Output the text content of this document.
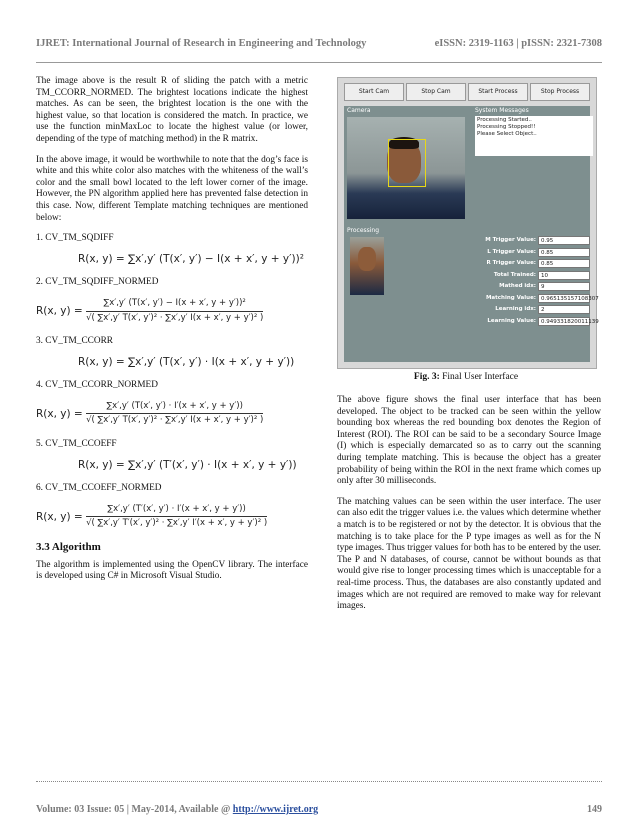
IJRET: International Journal of Research in Engineering and Technology	eISSN: 2319-1163 | pISSN: 2321-7308

The image above is the result R of sliding the patch with a metric TM_CCORR_NORMED. The brightest locations indicate the highest matches. As can be seen, the brightest location is the one with the highest value, so that location is considered the match. In practice, we use the function minMaxLoc to locate the highest value (or lower, depending of the type of matching method) in the R matrix.

In the above image, it would be worthwhile to note that the dog’s face is white and this white color also matches with the whiteness of the wall’s color and the small bowl located to the left lower corner of the image. However, the PN algorithm applied here has prevented false detection in this case. Now, different Template matching techniques are mentioned below:

1. CV_TM_SQDIFF

R(x, y) = ∑x′,y′ (T(x′, y′) − I(x + x′, y + y′))²

2. CV_TM_SQDIFF_NORMED

R(x, $y) = \frac{\text{∑x′,y′ (T(x′, y′) − I(x + x′, y + y′))²}}{\text{√( ∑x′,y′ T(x′, y′)² · ∑x′,y′ I(x + x′, y + y′)² )}}$

3. CV_TM_CCORR

R(x, y) = ∑x′,y′ (T(x′, y′) · I(x + x′, y + y′))

4. CV_TM_CCORR_NORMED

R(x, $y) = \frac{\sum x',y' (T(x', y') \cdot I'(x + x', y + y'))}{\text{√( ∑x′,y′ T(x′, y′)² · ∑x′,y′ I(x + x′, y + y′)² )}}$

5. CV_TM_CCOEFF

R(x, y) = ∑x′,y′ (T′(x′, y′) · I(x + x′, y + y′))

6. CV_TM_CCOEFF_NORMED

R(x, $y) = \frac{\sum x',y' (T'(x', y') \cdot I'(x + x', y + y'))}{\text{√( ∑x′,y′ T′(x′, y′)² · ∑x′,y′ I′(x + x′, y + y′)² )}}$
3.3 Algorithm

The algorithm is implemented using the OpenCV library. The interface is developed using C# in Microsoft Visual Studio.

Start Cam	Stop Cam	Start Process	Stop Process
Camera	System Messages
Processing Started..
Processing Stopped!!
Please Select Object..
Processing
M Trigger Value: 0.95
L Trigger Value: 0.85
R Trigger Value: 0.85
Total Trained: 10
Mathed idx: 9
Matching Value: 0.965135157108307
Learning idx: 2
Learning Value: 0.949331820011139
Fig. 3: Final User Interface

The above figure shows the final user interface that has been developed. The object to be tracked can be seen within the yellow bounding box whereas the red bounding box denotes the Region of Interest (ROI). The ROI can be said to be a secondary Source Image (I) which is especially demarcated so as to carry out the scanning during template matching. This is because the object has a greater probability of being within the ROI in the next frame which comes up only after 30 milliseconds.

The matching values can be seen within the user interface. The user can also edit the trigger values i.e. the values which determine whether a match is to be registered or not by the detector. It is obvious that the matching is to take place for the P type images as well as for the N type images. Thus trigger values for both has to be entered by the user. The P and N databases, of course, cannot be without bounds as that would give rise to longer processing times which is unacceptable for a real-time process. Thus, the databases are also constantly updated and images which are not required are removed to make way for relevant images.

Volume: 03 Issue: 05 | May-2014, Available @ http://www.ijret.org	149
